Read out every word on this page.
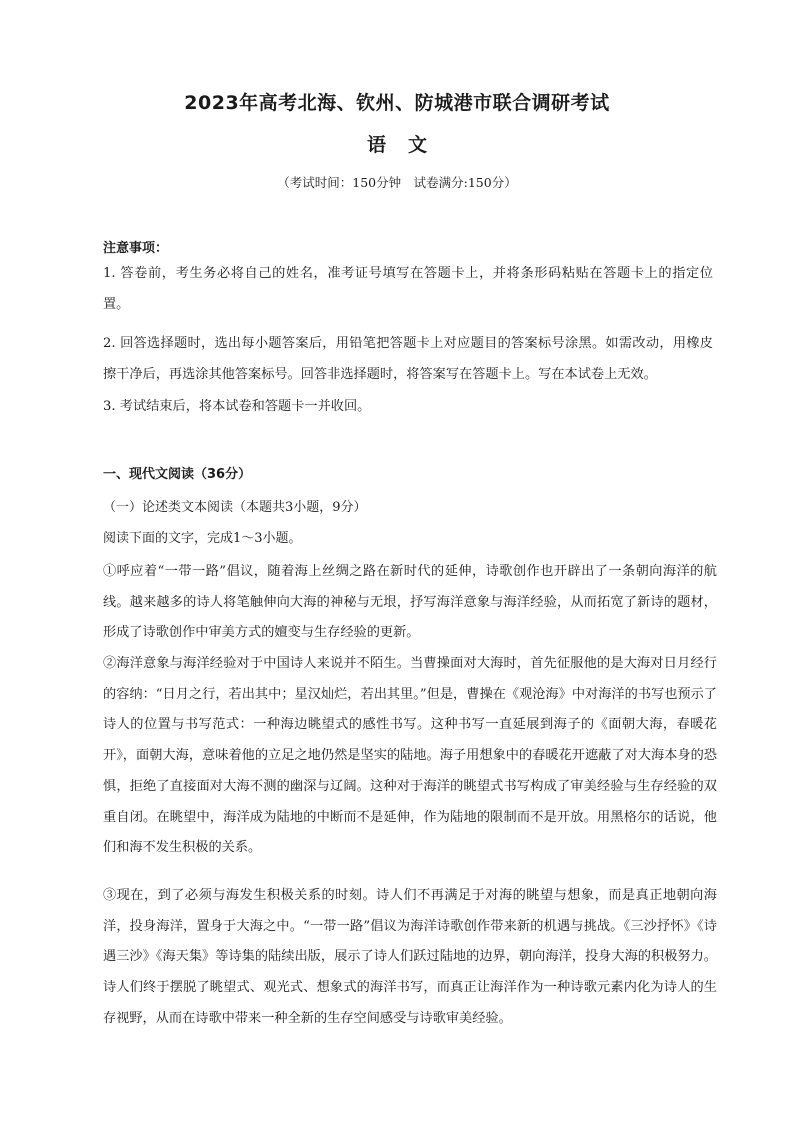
2023年高考北海、钦州、防城港市联合调研考试
语文
（考试时间：150分钟　试卷满分:150分）
注意事项：
1. 答卷前，考生务必将自己的姓名，准考证号填写在答题卡上，并将条形码粘贴在答题卡上的指定位置。
2. 回答选择题时，选出每小题答案后，用铅笔把答题卡上对应题目的答案标号涂黑。如需改动，用橡皮擦干净后，再选涂其他答案标号。回答非选择题时，将答案写在答题卡上。写在本试卷上无效。
3. 考试结束后，将本试卷和答题卡一并收回。
一、现代文阅读（36分）
（一）论述类文本阅读（本题共3小题，9分）
阅读下面的文字，完成1～3小题。
①呼应着“一带一路”倡议，随着海上丝绸之路在新时代的延伸，诗歌创作也开辟出了一条朝向海洋的航线。越来越多的诗人将笔触伸向大海的神秘与无垠，抒写海洋意象与海洋经验，从而拓宽了新诗的题材，形成了诗歌创作中审美方式的嬗变与生存经验的更新。
②海洋意象与海洋经验对于中国诗人来说并不陌生。当曹操面对大海时，首先征服他的是大海对日月经行的容纳：“日月之行，若出其中；星汉灿烂，若出其里。”但是，曹操在《观沧海》中对海洋的书写也预示了诗人的位置与书写范式：一种海边眺望式的感性书写。这种书写一直延展到海子的《面朝大海，春暖花开》，面朝大海，意味着他的立足之地仍然是坚实的陆地。海子用想象中的春暖花开遮蔽了对大海本身的恐惧，拒绝了直接面对大海不测的幽深与辽阔。这种对于海洋的眺望式书写构成了审美经验与生存经验的双重自闭。在眺望中，海洋成为陆地的中断而不是延伸，作为陆地的限制而不是开放。用黑格尔的话说，他们和海不发生积极的关系。
③现在，到了必须与海发生积极关系的时刻。诗人们不再满足于对海的眺望与想象，而是真正地朝向海洋，投身海洋，置身于大海之中。“一带一路”倡议为海洋诗歌创作带来新的机遇与挑战。《三沙抒怀》《诗遇三沙》《海天集》等诗集的陆续出版，展示了诗人们跃过陆地的边界，朝向海洋，投身大海的积极努力。诗人们终于摆脱了眺望式、观光式、想象式的海洋书写，而真正让海洋作为一种诗歌元素内化为诗人的生存视野，从而在诗歌中带来一种全新的生存空间感受与诗歌审美经验。
